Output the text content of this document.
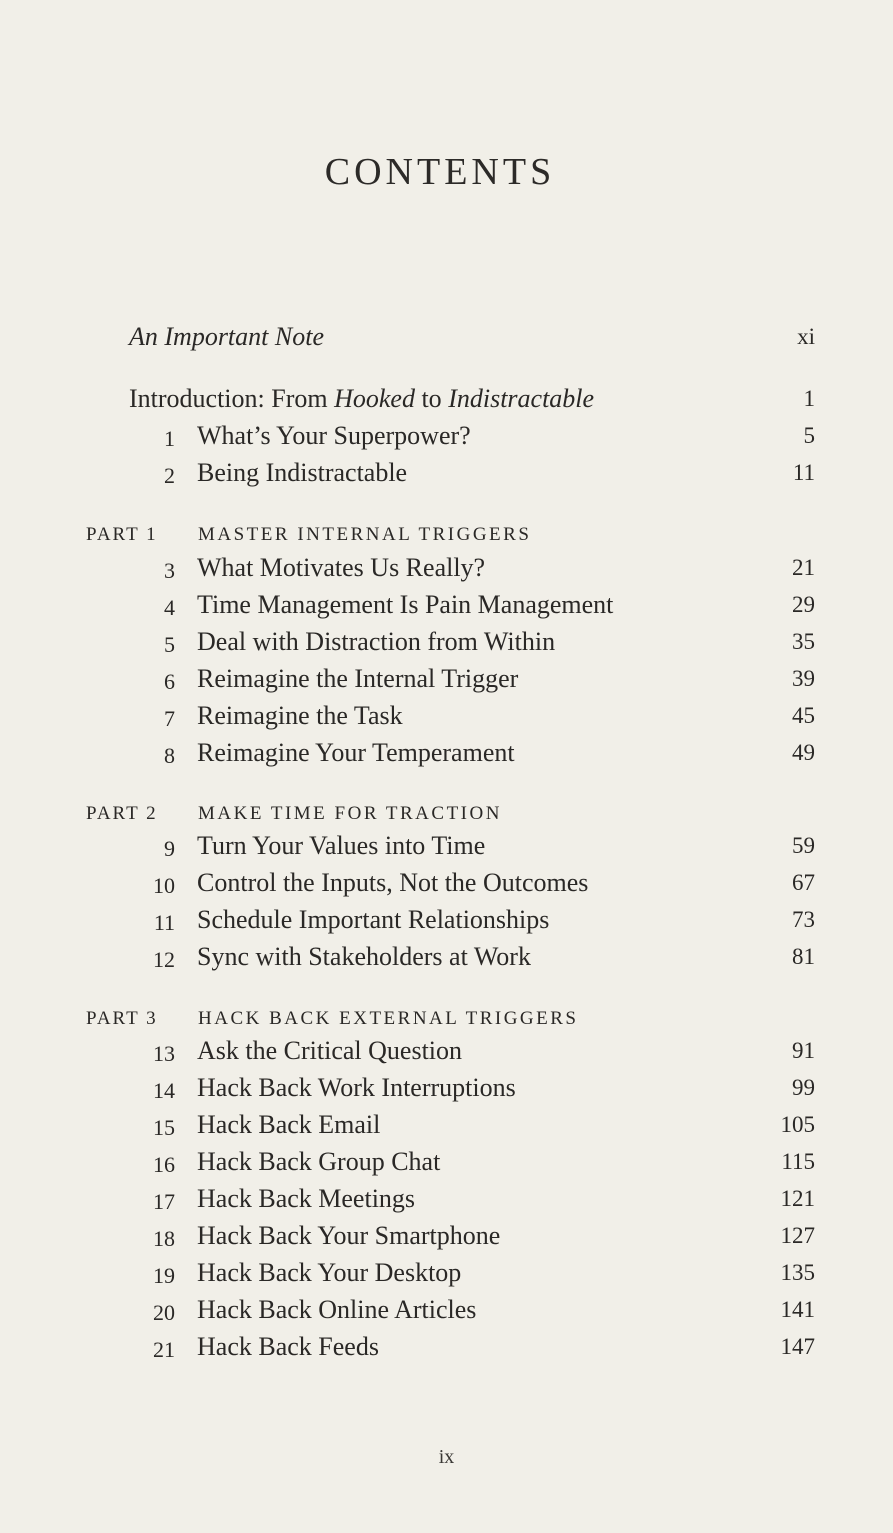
CONTENTS
An Important Note	xi
Introduction: From Hooked to Indistractable	1
1 What’s Your Superpower?	5
2 Being Indistractable	11
PART 1 MASTER INTERNAL TRIGGERS
3 What Motivates Us Really?	21
4 Time Management Is Pain Management	29
5 Deal with Distraction from Within	35
6 Reimagine the Internal Trigger	39
7 Reimagine the Task	45
8 Reimagine Your Temperament	49
PART 2 MAKE TIME FOR TRACTION
9 Turn Your Values into Time	59
10 Control the Inputs, Not the Outcomes	67
11 Schedule Important Relationships	73
12 Sync with Stakeholders at Work	81
PART 3 HACK BACK EXTERNAL TRIGGERS
13 Ask the Critical Question	91
14 Hack Back Work Interruptions	99
15 Hack Back Email	105
16 Hack Back Group Chat	115
17 Hack Back Meetings	121
18 Hack Back Your Smartphone	127
19 Hack Back Your Desktop	135
20 Hack Back Online Articles	141
21 Hack Back Feeds	147
ix
